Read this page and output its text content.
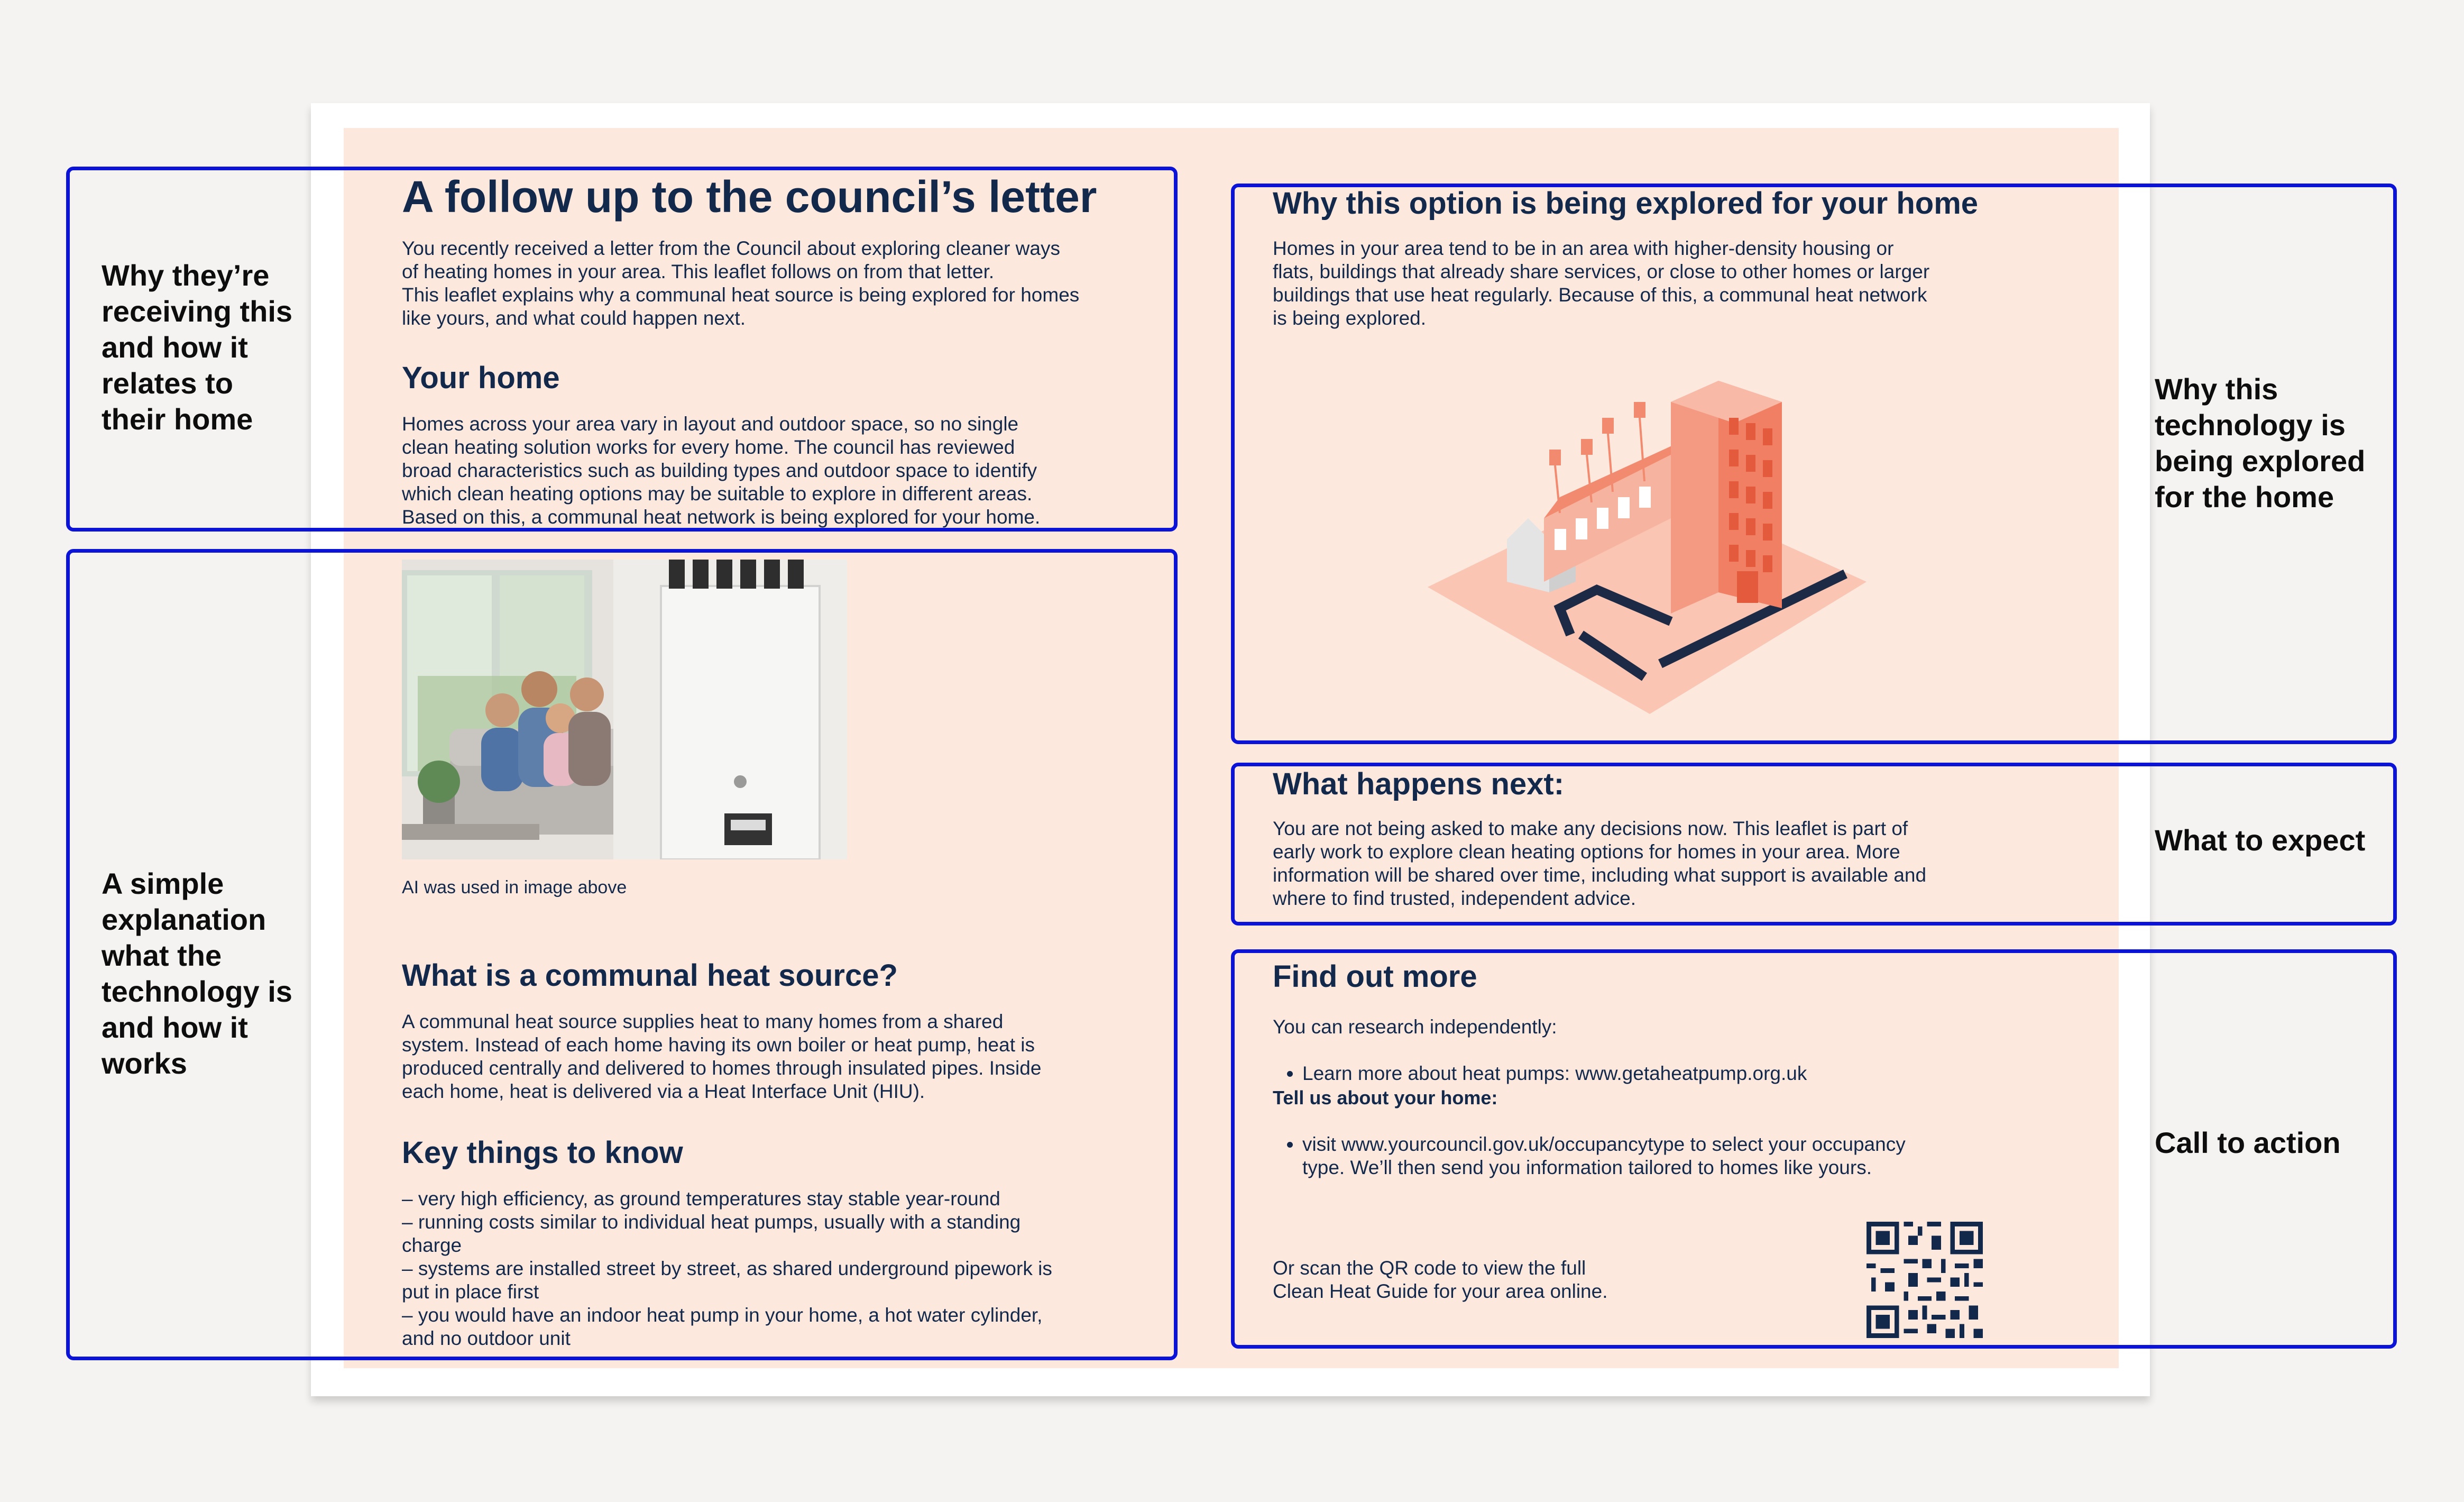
A follow up to the council’s letter
You recently received a letter from the Council about exploring cleaner ways
of heating homes in your area. This leaflet follows on from that letter.
This leaflet explains why a communal heat source is being explored for homes
like yours, and what could happen next.
Your home
Homes across your area vary in layout and outdoor space, so no single
clean heating solution works for every home. The council has reviewed
broad characteristics such as building types and outdoor space to identify
which clean heating options may be suitable to explore in different areas.
Based on this, a communal heat network is being explored for your home.
AI was used in image above
What is a communal heat source?
A communal heat source supplies heat to many homes from a shared
system. Instead of each home having its own boiler or heat pump, heat is
produced centrally and delivered to homes through insulated pipes. Inside
each home, heat is delivered via a Heat Interface Unit (HIU).
Key things to know
– very high efficiency, as ground temperatures stay stable year-round
– running costs similar to individual heat pumps, usually with a standing
charge
– systems are installed street by street, as shared underground pipework is
put in place first
– you would have an indoor heat pump in your home, a hot water cylinder,
and no outdoor unit
Why this option is being explored for your home
Homes in your area tend to be in an area with higher-density housing or
flats, buildings that already share services, or close to other homes or larger
buildings that use heat regularly. Because of this, a communal heat network
is being explored.
What happens next:
You are not being asked to make any decisions now. This leaflet is part of
early work to explore clean heating options for homes in your area. More
information will be shared over time, including what support is available and
where to find trusted, independent advice.
Find out more
You can research independently:

• Learn more about heat pumps: www.getaheatpump.org.uk

Tell us about your home:

• visit www.yourcouncil.gov.uk/occupancytype to select your occupancy
type. We’ll then send you information tailored to homes like yours.

Or scan the QR code to view the full
Clean Heat Guide for your area online.
Why they’re
receiving this
and how it
relates to
their home
A simple
explanation
what the
technology is
and how it
works
Why this
technology is
being explored
for the home
What to expect
Call to action
